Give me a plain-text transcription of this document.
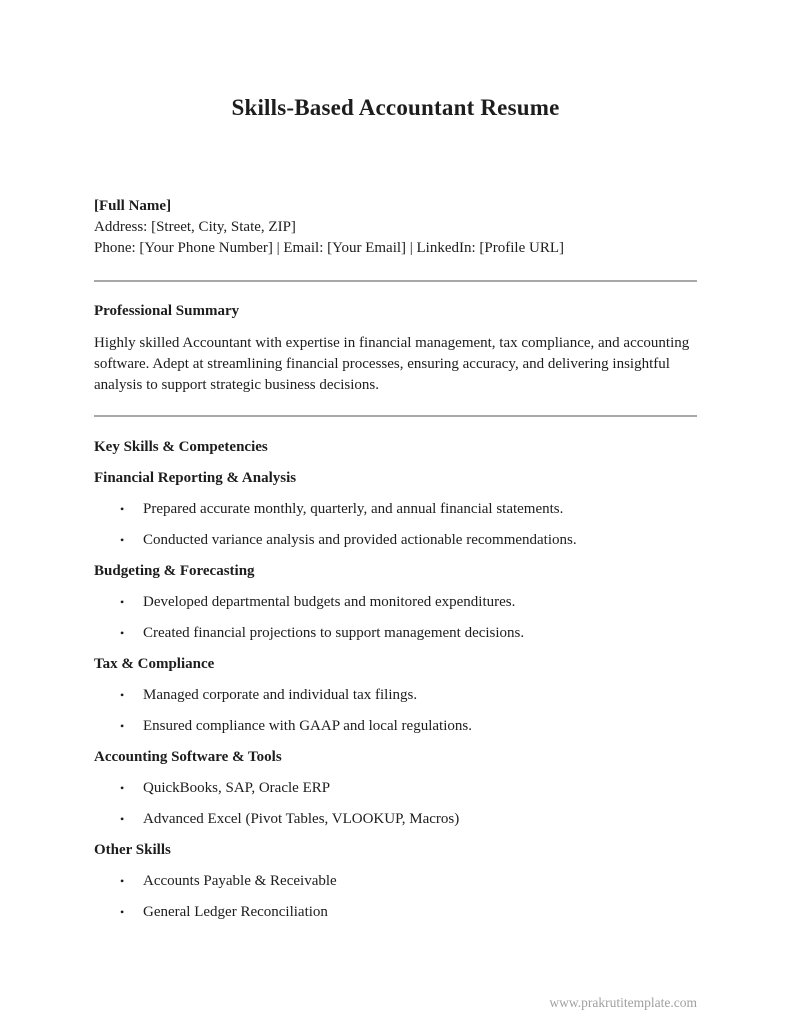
Skills-Based Accountant Resume
[Full Name]
Address: [Street, City, State, ZIP]
Phone: [Your Phone Number] | Email: [Your Email] | LinkedIn: [Profile URL]
Professional Summary

Highly skilled Accountant with expertise in financial management, tax compliance, and accounting software. Adept at streamlining financial processes, ensuring accuracy, and delivering insightful analysis to support strategic business decisions.

Key Skills & Competencies
Financial Reporting & Analysis
• Prepared accurate monthly, quarterly, and annual financial statements.
• Conducted variance analysis and provided actionable recommendations.
Budgeting & Forecasting
• Developed departmental budgets and monitored expenditures.
• Created financial projections to support management decisions.
Tax & Compliance
• Managed corporate and individual tax filings.
• Ensured compliance with GAAP and local regulations.
Accounting Software & Tools
• QuickBooks, SAP, Oracle ERP
• Advanced Excel (Pivot Tables, VLOOKUP, Macros)
Other Skills
• Accounts Payable & Receivable
• General Ledger Reconciliation
www.prakrutitemplate.com
